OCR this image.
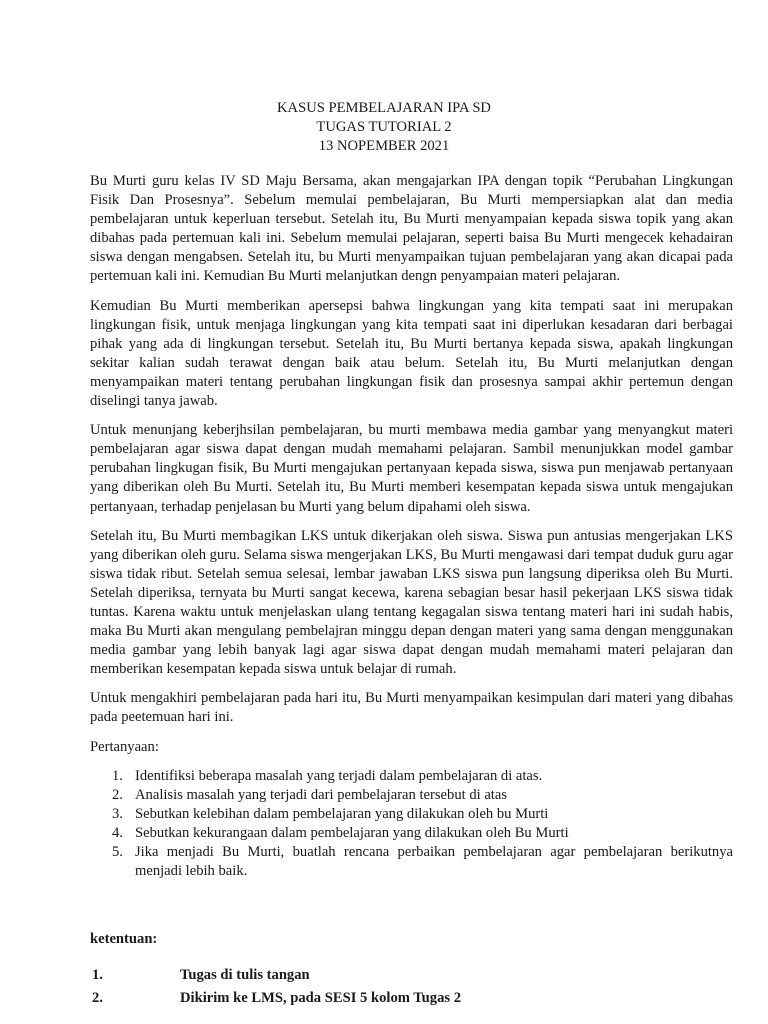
KASUS PEMBELAJARAN IPA SD
TUGAS TUTORIAL 2
13 NOPEMBER 2021

Bu Murti guru kelas IV SD Maju Bersama, akan mengajarkan IPA dengan topik “Perubahan Lingkungan Fisik Dan Prosesnya”. Sebelum memulai pembelajaran, Bu Murti mempersiapkan alat dan media pembelajaran untuk keperluan tersebut. Setelah itu, Bu Murti menyampaian kepada siswa topik yang akan dibahas pada pertemuan kali ini. Sebelum memulai pelajaran, seperti baisa Bu Murti mengecek kehadairan siswa dengan mengabsen. Setelah itu, bu Murti menyampaikan tujuan pembelajaran yang akan dicapai pada pertemuan kali ini. Kemudian Bu Murti melanjutkan dengn penyampaian materi pelajaran.

Kemudian Bu Murti memberikan apersepsi bahwa lingkungan yang kita tempati saat ini merupakan lingkungan fisik, untuk menjaga lingkungan yang kita tempati saat ini diperlukan kesadaran dari berbagai pihak yang ada di lingkungan tersebut. Setelah itu, Bu Murti bertanya kepada siswa, apakah lingkungan sekitar kalian sudah terawat dengan baik atau belum. Setelah itu, Bu Murti melanjutkan dengan menyampaikan materi tentang perubahan lingkungan fisik dan prosesnya sampai akhir pertemun dengan diselingi tanya jawab.

Untuk menunjang keberjhsilan pembelajaran, bu murti membawa media gambar yang menyangkut materi pembelajaran agar siswa dapat dengan mudah memahami pelajaran. Sambil menunjukkan model gambar perubahan lingkugan fisik, Bu Murti mengajukan pertanyaan kepada siswa, siswa pun menjawab pertanyaan yang diberikan oleh Bu Murti. Setelah itu, Bu Murti memberi kesempatan kepada siswa untuk mengajukan pertanyaan, terhadap penjelasan bu Murti yang belum dipahami oleh siswa.

Setelah itu, Bu Murti membagikan LKS untuk dikerjakan oleh siswa. Siswa pun antusias mengerjakan LKS yang diberikan oleh guru. Selama siswa mengerjakan LKS, Bu Murti mengawasi dari tempat duduk guru agar siswa tidak ribut. Setelah semua selesai, lembar jawaban LKS siswa pun langsung diperiksa oleh Bu Murti. Setelah diperiksa, ternyata bu Murti sangat kecewa, karena sebagian besar hasil pekerjaan LKS siswa tidak tuntas. Karena waktu untuk menjelaskan ulang tentang kegagalan siswa tentang materi hari ini sudah habis, maka Bu Murti akan mengulang pembelajran minggu depan dengan materi yang sama dengan menggunakan media gambar yang lebih banyak lagi agar siswa dapat dengan mudah memahami materi pelajaran dan memberikan kesempatan kepada siswa untuk belajar di rumah.

Untuk mengakhiri pembelajaran pada hari itu, Bu Murti menyampaikan kesimpulan dari materi yang dibahas pada peetemuan hari ini.

Pertanyaan:

1. Identifiksi beberapa masalah yang terjadi dalam pembelajaran di atas.
2. Analisis masalah yang terjadi dari pembelajaran tersebut di atas
3. Sebutkan kelebihan dalam pembelajaran yang dilakukan oleh bu Murti
4. Sebutkan kekurangaan dalam pembelajaran yang dilakukan oleh Bu Murti
5. Jika menjadi Bu Murti, buatlah rencana perbaikan pembelajaran agar pembelajaran berikutnya menjadi lebih baik.
ketentuan:
1.	Tugas di tulis tangan
2.	Dikirim ke LMS, pada SESI 5 kolom Tugas 2
